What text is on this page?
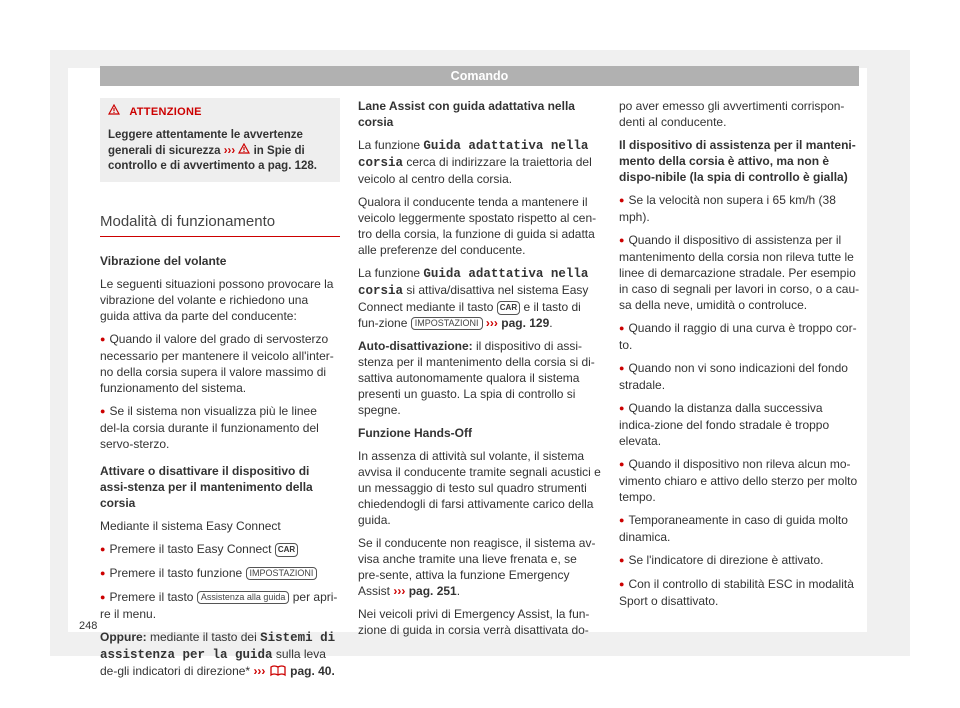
Comando
ATTENZIONE
Leggere attentamente le avvertenze generali di sicurezza ››› in Spie di controllo e di avvertimento a pag. 128.
Modalità di funzionamento

Vibrazione del volante

Le seguenti situazioni possono provocare la vibrazione del volante e richiedono una guida attiva da parte del conducente:

● Quando il valore del grado di servosterzo necessario per mantenere il veicolo all'inter-no della corsia supera il valore massimo di funzionamento del sistema.

● Se il sistema non visualizza più le linee del-la corsia durante il funzionamento del servo-sterzo.

Attivare o disattivare il dispositivo di assi-stenza per il mantenimento della corsia

Mediante il sistema Easy Connect

● Premere il tasto Easy Connect CAR

● Premere il tasto funzione IMPOSTAZIONI

● Premere il tasto Assistenza alla guida per apri-re il menu.

Oppure: mediante il tasto dei Sistemi di assistenza per la guida sulla leva de-gli indicatori di direzione* ››› pag. 40.

Lane Assist con guida adattativa nella corsia

La funzione Guida adattativa nella corsia cerca di indirizzare la traiettoria del veicolo al centro della corsia.

Qualora il conducente tenda a mantenere il veicolo leggermente spostato rispetto al cen-tro della corsia, la funzione di guida si adatta alle preferenze del conducente.

La funzione Guida adattativa nella corsia si attiva/disattiva nel sistema Easy Connect mediante il tasto CAR e il tasto di fun-zione IMPOSTAZIONI ››› pag. 129.

Auto-disattivazione: il dispositivo di assi-stenza per il mantenimento della corsia si di-sattiva autonomamente qualora il sistema presenti un guasto. La spia di controllo si spegne.

Funzione Hands-Off

In assenza di attività sul volante, il sistema avvisa il conducente tramite segnali acustici e un messaggio di testo sul quadro strumenti chiedendogli di farsi attivamente carico della guida.

Se il conducente non reagisce, il sistema av-visa anche tramite una lieve frenata e, se pre-sente, attiva la funzione Emergency Assist ››› pag. 251.

Nei veicoli privi di Emergency Assist, la fun-zione di guida in corsia verrà disattivata do-

po aver emesso gli avvertimenti corrispon-denti al conducente.

Il dispositivo di assistenza per il manteni-mento della corsia è attivo, ma non è dispo-nibile (la spia di controllo è gialla)

● Se la velocità non supera i 65 km/h (38 mph).

● Quando il dispositivo di assistenza per il mantenimento della corsia non rileva tutte le linee di demarcazione stradale. Per esempio in caso di segnali per lavori in corso, o a cau-sa della neve, umidità o controluce.

● Quando il raggio di una curva è troppo cor-to.

● Quando non vi sono indicazioni del fondo stradale.

● Quando la distanza dalla successiva indica-zione del fondo stradale è troppo elevata.

● Quando il dispositivo non rileva alcun mo-vimento chiaro e attivo dello sterzo per molto tempo.

● Temporaneamente in caso di guida molto dinamica.

● Se l'indicatore di direzione è attivato.

● Con il controllo di stabilità ESC in modalità Sport o disattivato.

248
